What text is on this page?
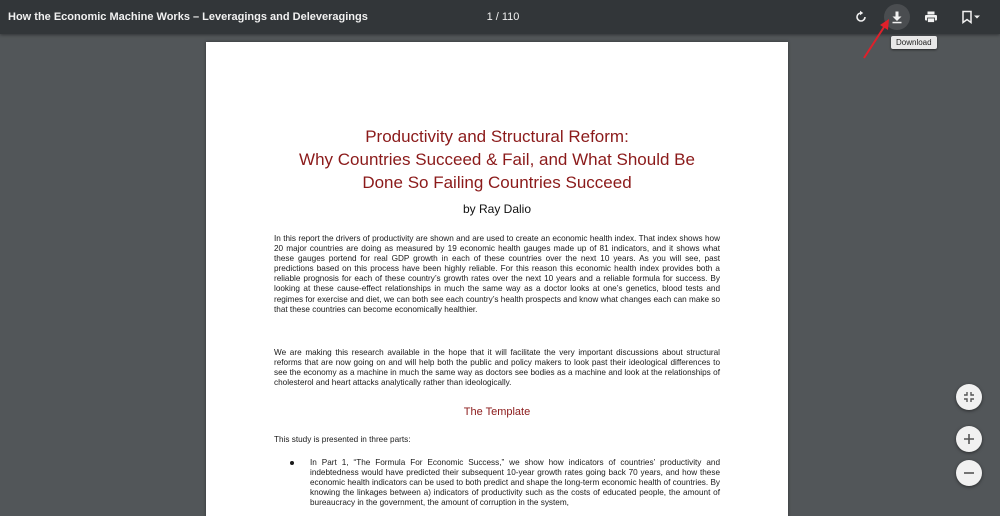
How the Economic Machine Works – Leveragings and Deleveragings	1 / 110
Download
Productivity and Structural Reform:
Why Countries Succeed & Fail, and What Should Be
Done So Failing Countries Succeed
by Ray Dalio
In this report the drivers of productivity are shown and are used to create an economic health index. That index shows how 20 major countries are doing as measured by 19 economic health gauges made up of 81 indicators, and it shows what these gauges portend for real GDP growth in each of these countries over the next 10 years. As you will see, past predictions based on this process have been highly reliable. For this reason this economic health index provides both a reliable prognosis for each of these country’s growth rates over the next 10 years and a reliable formula for success. By looking at these cause-effect relationships in much the same way as a doctor looks at one’s genetics, blood tests and regimes for exercise and diet, we can both see each country’s health prospects and know what changes each can make so that these countries can become economically healthier.
We are making this research available in the hope that it will facilitate the very important discussions about structural reforms that are now going on and will help both the public and policy makers to look past their ideological differences to see the economy as a machine in much the same way as doctors see bodies as a machine and look at the relationships of cholesterol and heart attacks analytically rather than ideologically.
The Template
This study is presented in three parts:
In Part 1, “The Formula For Economic Success,” we show how indicators of countries’ productivity and indebtedness would have predicted their subsequent 10-year growth rates going back 70 years, and how these economic health indicators can be used to both predict and shape the long-term economic health of countries. By knowing the linkages between a) indicators of productivity such as the costs of educated people, the amount of bureaucracy in the government, the amount of corruption in the system,
